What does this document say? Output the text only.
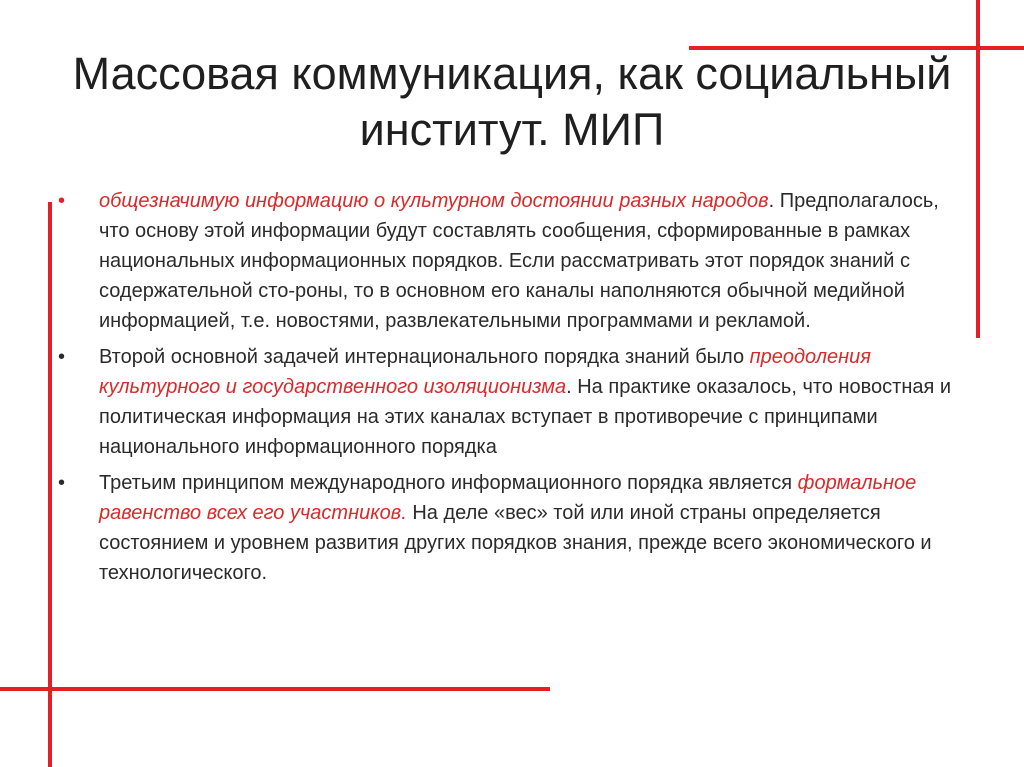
Массовая коммуникация, как социальный институт. МИП
•	общезначимую информацию о культурном достоянии разных народов. Предполагалось, что основу этой информации будут составлять сообщения, сформированные в рамках национальных информационных порядков. Если рассматривать этот порядок знаний с содержательной сто-роны, то в основном его каналы наполняются обычной медийной информацией, т.е. новостями, развлекательными программами и рекламой.
•	Второй основной задачей интернационального порядка знаний было преодоления культурного и государственного изоляционизма. На практике оказалось, что новостная и политическая информация на этих каналах вступает в противоречие с принципами национального информационного порядка
•	Третьим принципом международного информационного порядка является формальное равенство всех его участников. На деле «вес» той или иной страны определяется состоянием и уровнем развития других порядков знания, прежде всего экономического и технологического.
